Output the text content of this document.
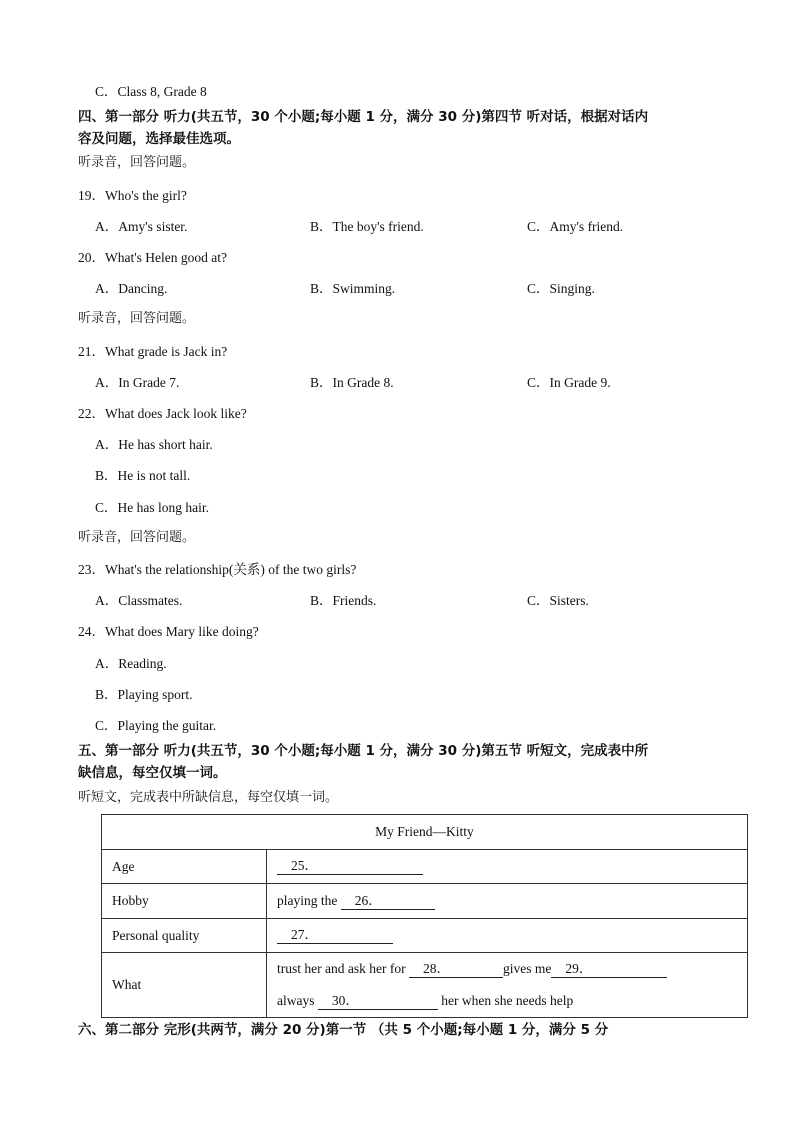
C．Class 8, Grade 8
四、第一部分 听力(共五节，30 个小题;每小题 1 分，满分 30 分)第四节 听对话，根据对话内
容及问题，选择最佳选项。
听录音，回答问题。
19．Who's the girl?
A．Amy's sister.	B．The boy's friend.	C．Amy's friend.
20．What's Helen good at?
A．Dancing.	B．Swimming.	C．Singing.
听录音，回答问题。
21．What grade is Jack in?
A．In Grade 7.	B．In Grade 8.	C．In Grade 9.
22．What does Jack look like?
A．He has short hair.
B．He is not tall.
C．He has long hair.
听录音，回答问题。
23．What's the relationship(关系) of the two girls?
A．Classmates.	B．Friends.	C．Sisters.
24．What does Mary like doing?
A．Reading.
B．Playing sport.
C．Playing the guitar.
五、第一部分 听力(共五节，30 个小题;每小题 1 分，满分 30 分)第五节 听短文，完成表中所
缺信息，每空仅填一词。
听短文，完成表中所缺信息，每空仅填一词。
My Friend—Kitty	
Age	25．
Hobby	playing the 26．
Personal quality	27．
What	trust her and ask her for 28． gives me 29．
always 30． her when she needs help
六、第二部分 完形(共两节，满分 20 分)第一节 （共 5 个小题;每小题 1 分，满分 5 分
